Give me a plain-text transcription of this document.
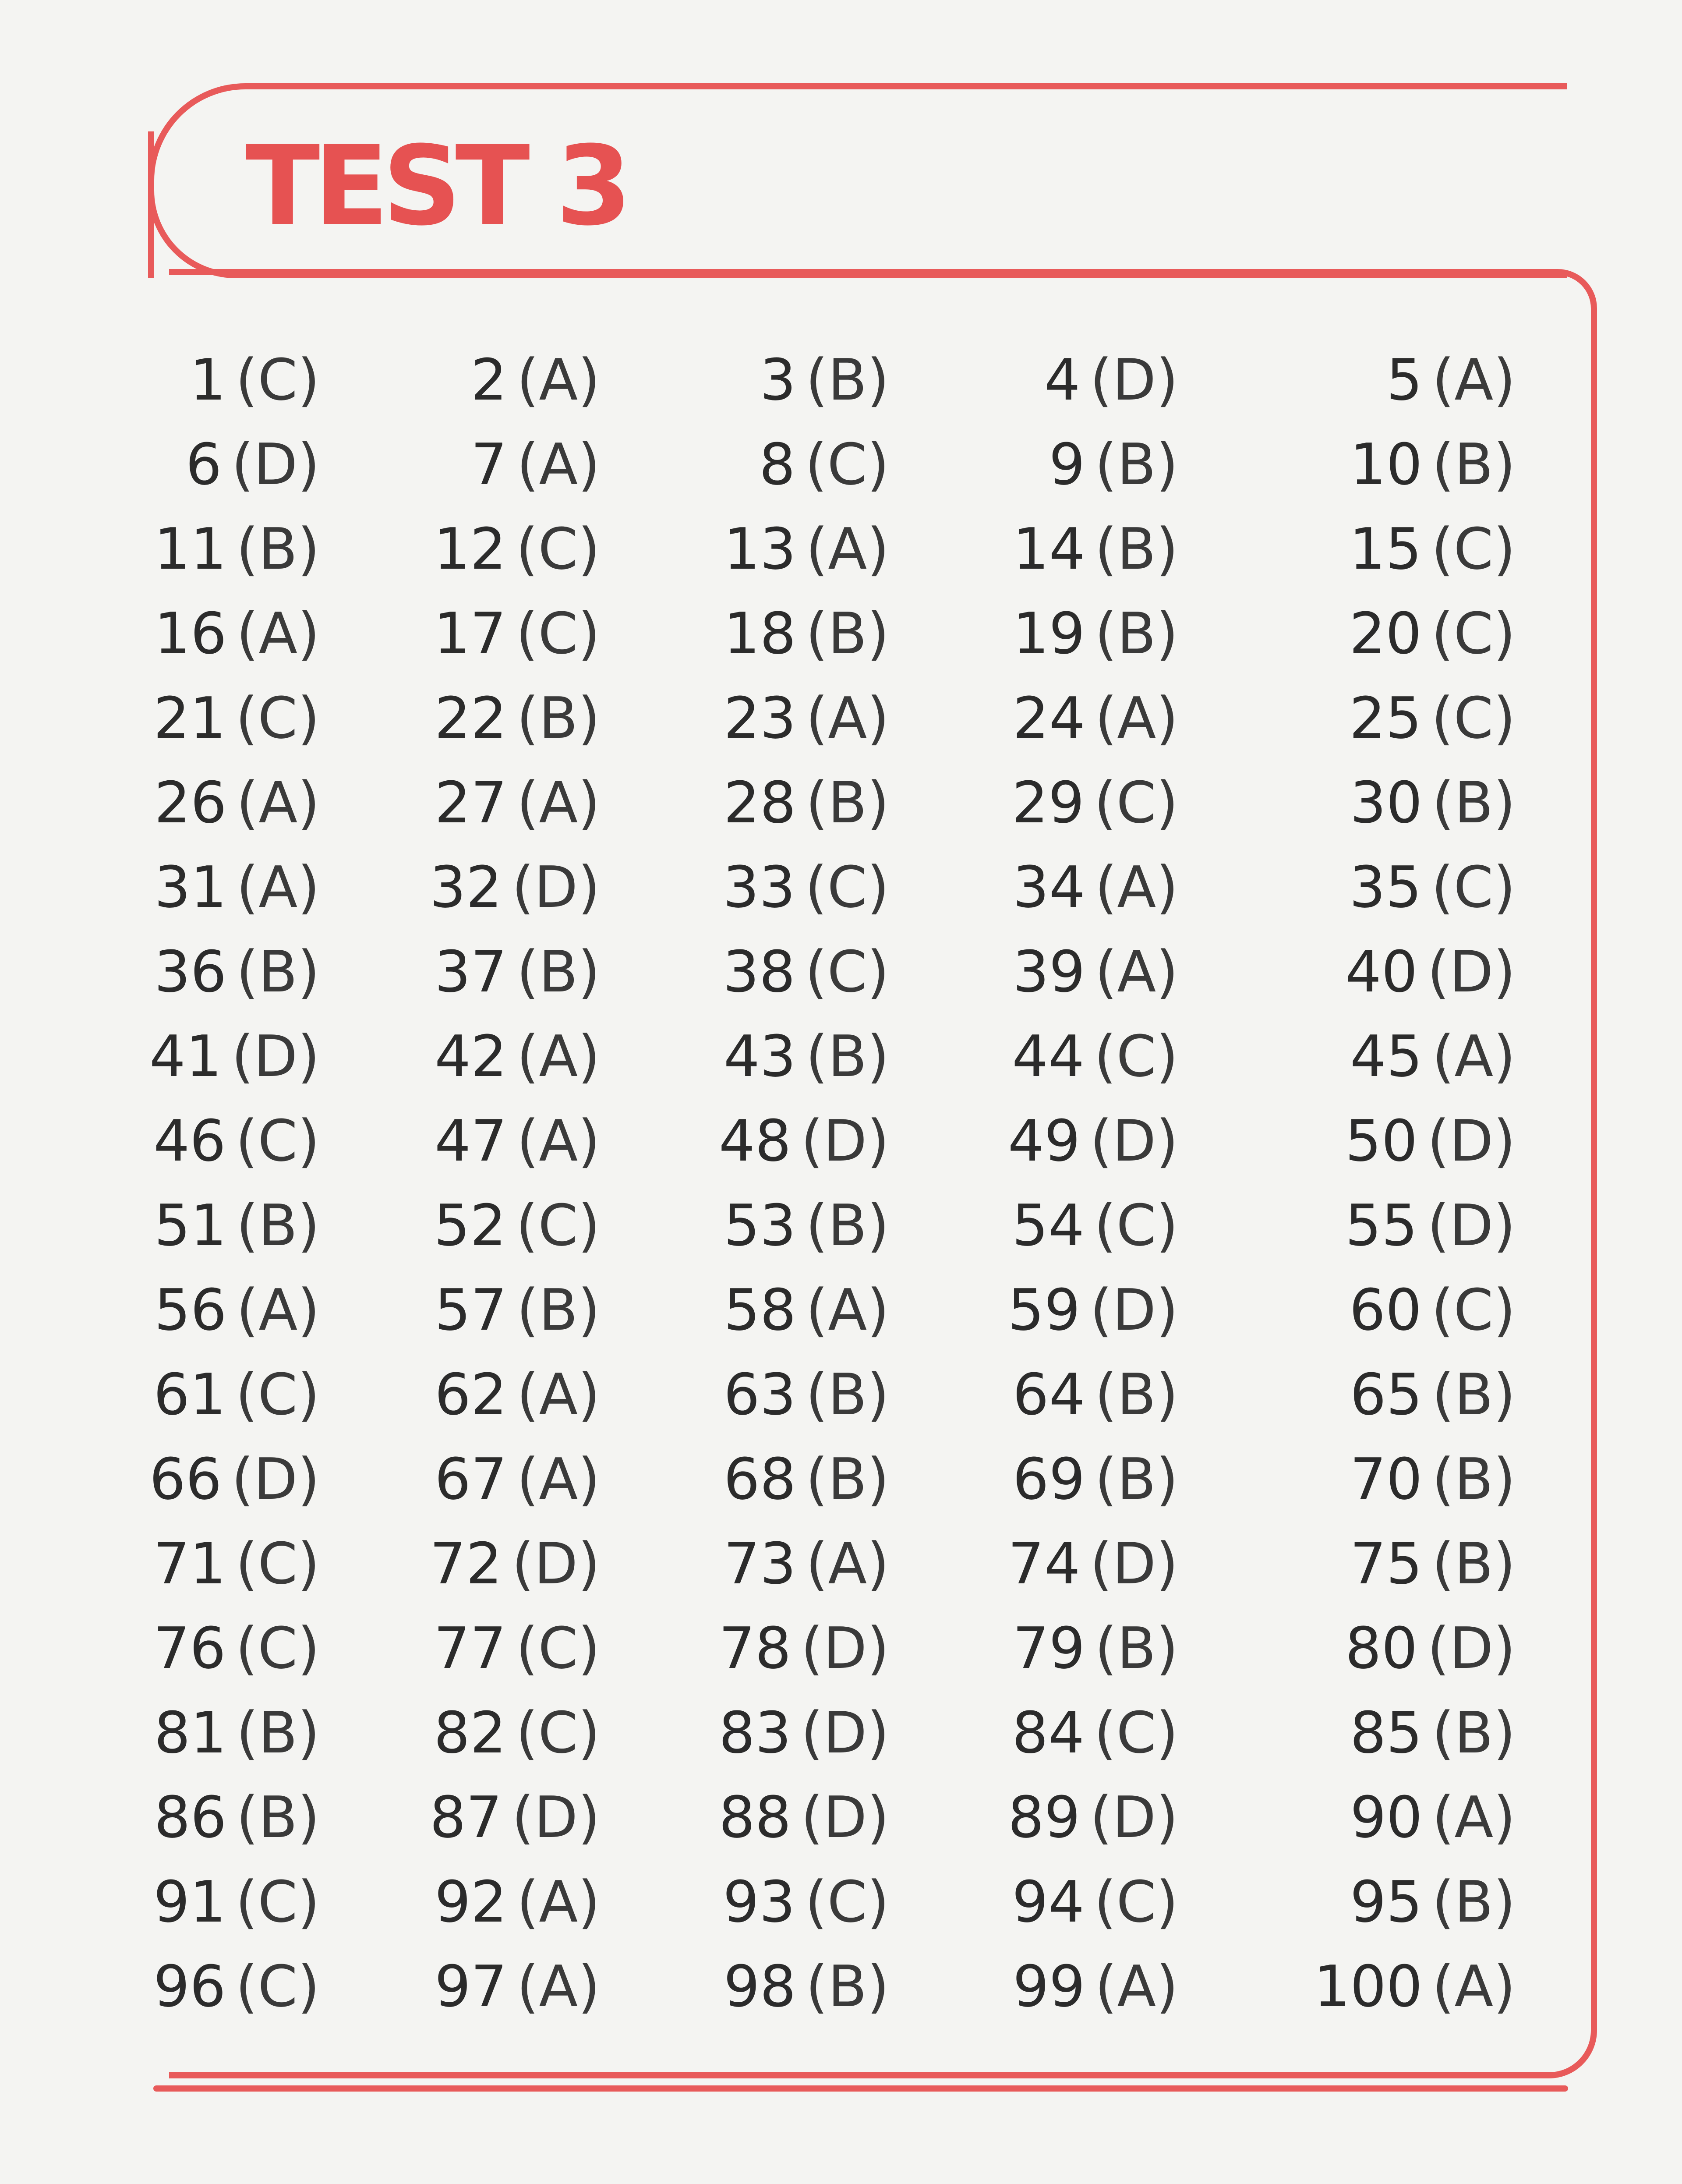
TEST 3
1 (C)	2 (A)	3 (B)	4 (D)	5 (A)
6 (D)	7 (A)	8 (C)	9 (B)	10 (B)
11 (B) 12 (C) 13 (A) 14 (B)	15 (C)
16 (A) 17 (C) 18 (B) 19 (B)	20 (C)
21 (C) 22 (B) 23 (A) 24 (A)	25 (C)
26 (A) 27 (A) 28 (B) 29 (C)	30 (B)
31 (A) 32 (D) 33 (C) 34 (A)	35 (C)
36 (B) 37 (B) 38 (C) 39 (A)	40 (D)
41 (D) 42 (A) 43 (B) 44 (C)	45 (A)
46 (C) 47 (A) 48 (D) 49 (D)	50 (D)
51 (B) 52 (C) 53 (B) 54 (C)	55 (D)
56 (A) 57 (B) 58 (A) 59 (D)	60 (C)
61 (C) 62 (A) 63 (B) 64 (B)	65 (B)
66 (D) 67 (A) 68 (B) 69 (B)	70 (B)
71 (C) 72 (D) 73 (A) 74 (D)	75 (B)
76 (C) 77 (C) 78 (D) 79 (B)	80 (D)
81 (B) 82 (C) 83 (D) 84 (C)	85 (B)
86 (B) 87 (D) 88 (D) 89 (D)	90 (A)
91 (C) 92 (A) 93 (C) 94 (C)	95 (B)
96 (C) 97 (A) 98 (B) 99 (A) 100 (A)
